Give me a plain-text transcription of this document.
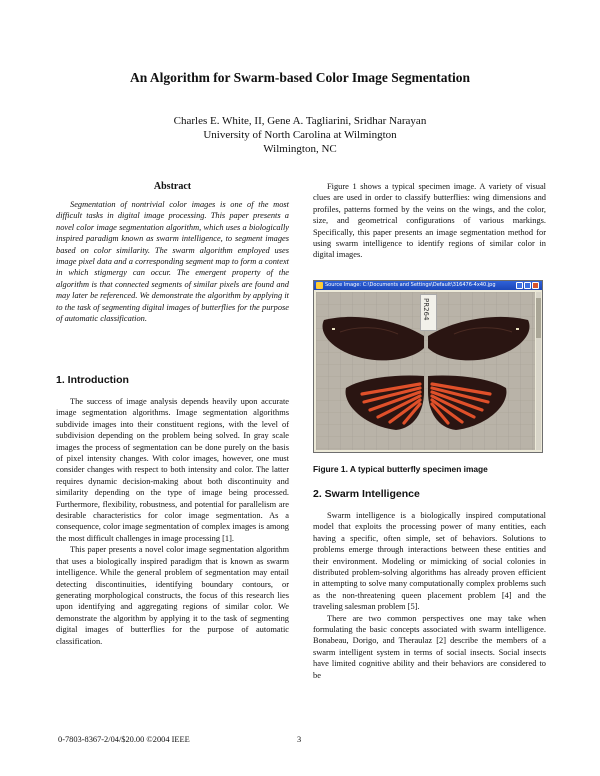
An Algorithm for Swarm-based Color Image Segmentation
Charles E. White, II, Gene A. Tagliarini, Sridhar Narayan
University of North Carolina at Wilmington
Wilmington, NC
Abstract

Segmentation of nontrivial color images is one of the most difficult tasks in digital image processing. This paper presents a novel color image segmentation algorithm, which uses a biologically inspired paradigm known as swarm intelligence, to segment images based on color similarity. The swarm algorithm employed uses image pixel data and a corresponding segment map to form a context in which stigmergy can occur. The emergent property of the algorithm is that connected segments of similar pixels are found and may later be referenced. We demonstrate the algorithm by applying it to the task of segmenting digital images of butterflies for the purpose of automatic classification.

1. Introduction

The success of image analysis depends heavily upon accurate image segmentation algorithms. Image segmentation algorithms subdivide images into their constituent regions, with the level of subdivision depending on the problem being solved. In gray scale images the process of segmentation can be done purely on the basis of pixel intensity changes. With color images, however, one must consider changes with respect to both intensity and color. The latter requires dynamic decision-making about both discontinuity and similarity depending on the type of image being processed. Furthermore, flexibility, robustness, and potential for parallelism are desirable characteristics for color image segmentation. As a consequence, color image segmentation of complex images is among the most difficult challenges in image processing [1].

This paper presents a novel color image segmentation algorithm that uses a biologically inspired paradigm that is known as swarm intelligence. While the general problem of segmentation may entail detecting discontinuities, identifying boundary contours, or generating morphological constructs, the focus of this research lies upon identifying and aggregating regions of similar color. We demonstrate the algorithm by applying it to the task of segmenting digital images of butterflies for the purpose of automatic classification.

Figure 1 shows a typical specimen image. A variety of visual clues are used in order to classify butterflies: wing dimensions and profiles, patterns formed by the veins on the wings, and the color, size, and geometrical configurations of various markings. Specifically, this paper presents an image segmentation method for using swarm intelligence to identify regions of similar color in digital images.

Source Image: C:\Documents and Settings\Default\316476-4x40.jpg
PR264
Figure 1. A typical butterfly specimen image
2. Swarm Intelligence

Swarm intelligence is a biologically inspired computational model that exploits the processing power of many entities, each having a specific, often simple, set of behaviors. Solutions to problems emerge through interactions between these entities and their environment. Modeling or mimicking of social colonies in distributed problem-solving algorithms has already proven efficient in attempting to solve many computationally complex problems such as the non-threatening queen placement problem [4] and the traveling salesman problem [5].

There are two common perspectives one may take when formulating the basic concepts associated with swarm intelligence. Bonabeau, Dorigo, and Theraulaz [2] describe the members of a swarm intelligent system in terms of social insects. Social insects have limited cognitive ability and their behaviors are considered to be

0-7803-8367-2/04/$20.00 ©2004 IEEE	3
